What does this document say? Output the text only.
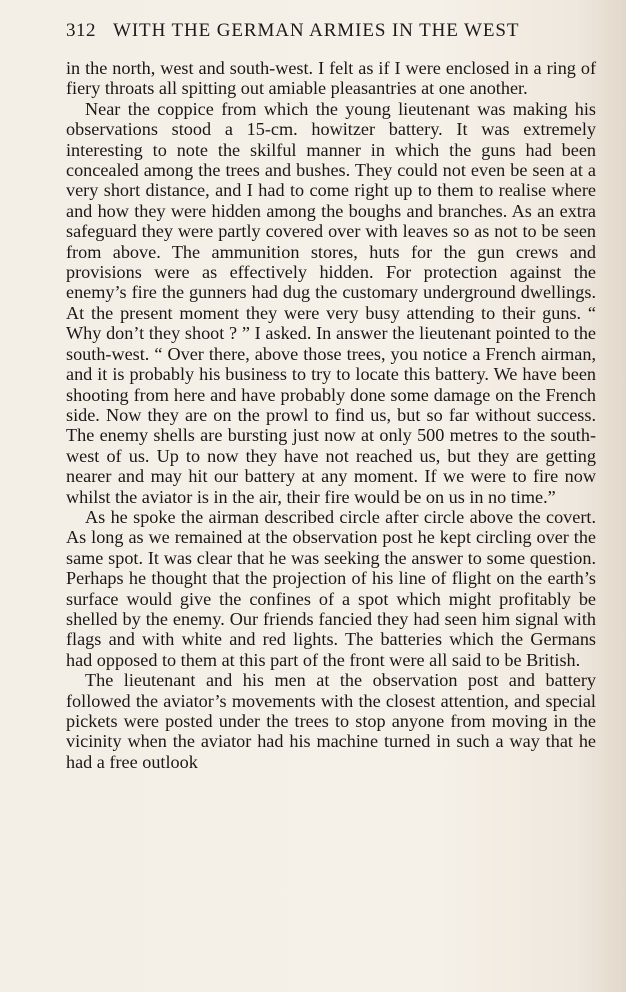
312 WITH THE GERMAN ARMIES IN THE WEST

in the north, west and south-west. I felt as if I were enclosed in a ring of fiery throats all spitting out amiable pleasantries at one another.

Near the coppice from which the young lieutenant was making his observations stood a 15-cm. howitzer battery. It was extremely interesting to note the skilful manner in which the guns had been concealed among the trees and bushes. They could not even be seen at a very short distance, and I had to come right up to them to realise where and how they were hidden among the boughs and branches. As an extra safeguard they were partly covered over with leaves so as not to be seen from above. The ammunition stores, huts for the gun crews and provisions were as effectively hidden. For protection against the enemy’s fire the gunners had dug the customary underground dwellings. At the present moment they were very busy attending to their guns. “ Why don’t they shoot ? ” I asked. In answer the lieutenant pointed to the south-west. “ Over there, above those trees, you notice a French airman, and it is probably his business to try to locate this battery. We have been shooting from here and have probably done some damage on the French side. Now they are on the prowl to find us, but so far without success. The enemy shells are bursting just now at only 500 metres to the south-west of us. Up to now they have not reached us, but they are getting nearer and may hit our battery at any moment. If we were to fire now whilst the aviator is in the air, their fire would be on us in no time.”

As he spoke the airman described circle after circle above the covert. As long as we remained at the observation post he kept circling over the same spot. It was clear that he was seeking the answer to some question. Perhaps he thought that the projection of his line of flight on the earth’s surface would give the confines of a spot which might profitably be shelled by the enemy. Our friends fancied they had seen him signal with flags and with white and red lights. The batteries which the Germans had opposed to them at this part of the front were all said to be British.

The lieutenant and his men at the observation post and battery followed the aviator’s movements with the closest attention, and special pickets were posted under the trees to stop anyone from moving in the vicinity when the aviator had his machine turned in such a way that he had a free outlook
